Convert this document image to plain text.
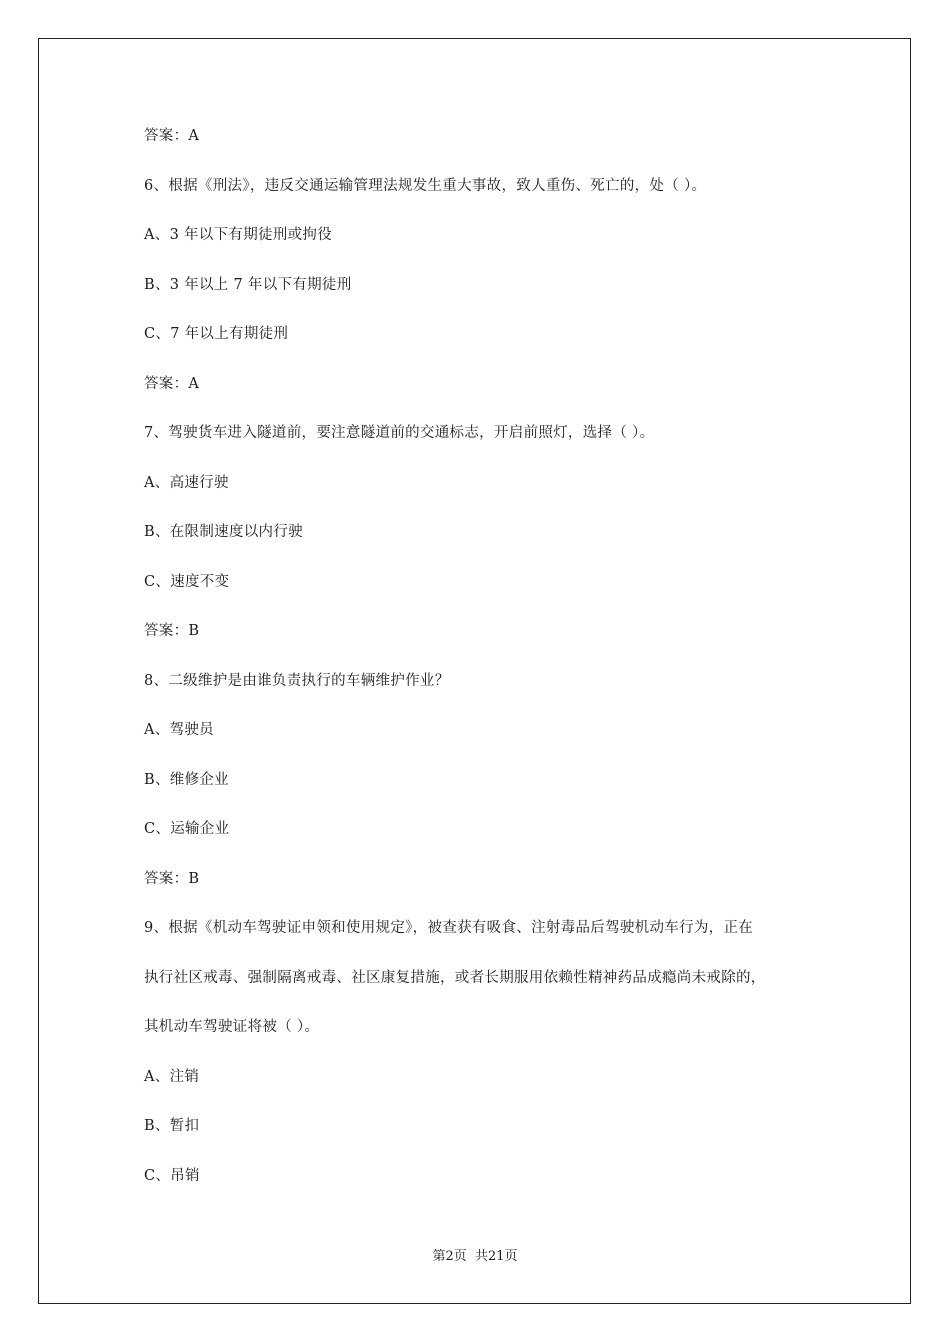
答案：A
6、根据《刑法》，违反交通运输管理法规发生重大事故，致人重伤、死亡的，处（ ）。
A、3 年以下有期徒刑或拘役
B、3 年以上 7 年以下有期徒刑
C、7 年以上有期徒刑
答案：A
7、驾驶货车进入隧道前，要注意隧道前的交通标志，开启前照灯，选择（ ）。
A、高速行驶
B、在限制速度以内行驶
C、速度不变
答案：B
8、二级维护是由谁负责执行的车辆维护作业？
A、驾驶员
B、维修企业
C、运输企业
答案：B
9、根据《机动车驾驶证申领和使用规定》，被查获有吸食、注射毒品后驾驶机动车行为，正在
执行社区戒毒、强制隔离戒毒、社区康复措施，或者长期服用依赖性精神药品成瘾尚未戒除的，
其机动车驾驶证将被（ ）。
A、注销
B、暂扣
C、吊销
第2页 共21页
